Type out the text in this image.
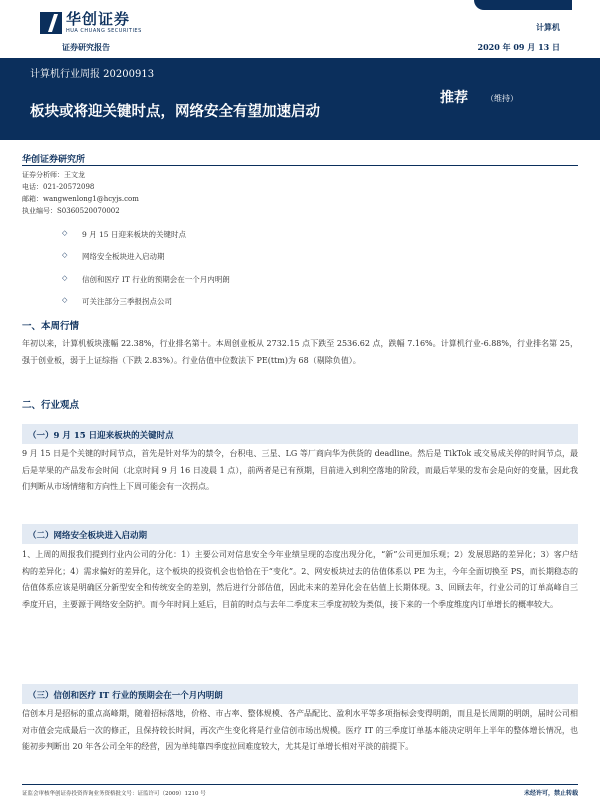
华创证券
HUA CHUANG SECURITIES
证券研究报告
计算机
2020 年 09 月 13 日
计算机行业周报 20200913
板块或将迎关键时点，网络安全有望加速启动
推荐 （维持）
华创证券研究所
证券分析师：王文龙
电话：021-20572098
邮箱：wangwenlong1@hcyjs.com
执业编号：S0360520070002
◇ 9 月 15 日迎来板块的关键时点
◇ 网络安全板块进入启动期
◇ 信创和医疗 IT 行业的预期会在一个月内明朗
◇ 可关注部分三季报拐点公司
一、本周行情

年初以来，计算机板块涨幅 22.38%，行业排名第十。本周创业板从 2732.15 点下跌至 2536.62 点，跌幅 7.16%。计算机行业-6.88%，行业排名第 25，强于创业板，弱于上证综指（下跌 2.83%）。行业估值中位数法下 PE(ttm)为 68（剔除负值）。

二、行业观点
（一）9 月 15 日迎来板块的关键时点

9 月 15 日是个关键的时间节点，首先是针对华为的禁令，台积电、三星、LG 等厂商向华为供货的 deadline。然后是 TikTok 或交易成关停的时间节点，最后是苹果的产品发布会时间（北京时间 9 月 16 日凌晨 1 点），前两者是已有预期，目前进入到利空落地的阶段，而最后苹果的发布会是向好的变量，因此我们判断从市场情绪和方向性上下周可能会有一次拐点。

（二）网络安全板块进入启动期

1、上周的周报我们提到行业内公司的分化：1）主要公司对信息安全今年业绩呈现的态度出现分化，“新”公司更加乐观；2）发展思路的差异化；3）客户结构的差异化；4）需求偏好的差异化，这个板块的投资机会也恰恰在于“变化”。2、网安板块过去的估值体系以 PE 为主，今年全面切换至 PS，而长期稳态的估值体系应该是明确区分新型安全和传统安全的差别，然后进行分部估值，因此未来的差异化会在估值上长期体现。3、回顾去年，行业公司的订单高峰自三季度开启，主要源于网络安全防护。而今年时间上延后，目前的时点与去年二季度末三季度初较为类似，接下来的一个季度维度内订单增长的概率较大。

（三）信创和医疗 IT 行业的预期会在一个月内明朗

信创本月是招标的重点高峰期，随着招标落地，价格、市占率、整体规模、各产品配比、盈利水平等多项指标会变得明朗，而且是长周期的明朗，届时公司相对市值会完成最后一次的修正，且保持较长时间，再次产生变化将是行业信创市场出规模。医疗 IT 的三季度订单基本能决定明年上半年的整体增长情况，也能初步判断出 20 年各公司全年的经营，因为单纯靠四季度拉回难度较大，尤其是订单增长相对平淡的前提下。

证监会审核华创证券投资咨询业务资格批文号：证监许可（2009）1210 号	未经许可，禁止转载
